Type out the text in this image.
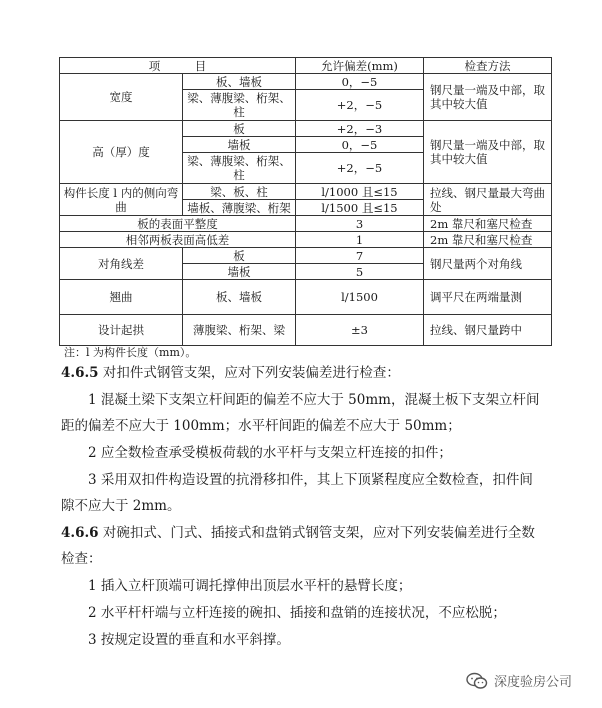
项　　　目		允许偏差(mm)	检查方法
宽度	板、墙板	0，−5	钢尺量一端及中部，取其中较大值
	梁、薄腹梁、桁架、柱	+2，−5	
高（厚）度	板	+2，−3	钢尺量一端及中部，取其中较大值
	墙板	0，−5	
	梁、薄腹梁、桁架、柱	+2，−5	
构件长度 l 内的侧向弯曲	梁、板、柱	l/1000 且≤15	拉线、钢尺量最大弯曲处
	墙板、薄腹梁、桁架	l/1500 且≤15	
板的表面平整度		3	2m 靠尺和塞尺检查
相邻两板表面高低差		1	2m 靠尺和塞尺检查
对角线差	板	7	钢尺量两个对角线
	墙板	5	
翘曲	板、墙板	l/1500	调平尺在两端量测
设计起拱	薄腹梁、桁架、梁	±3	拉线、钢尺量跨中
注：l 为构件长度（mm）。
4.6.5 对扣件式钢管支架，应对下列安装偏差进行检查：
1 混凝土梁下支架立杆间距的偏差不应大于 50mm，混凝土板下支架立杆间
距的偏差不应大于 100mm；水平杆间距的偏差不应大于 50mm；
2 应全数检查承受模板荷载的水平杆与支架立杆连接的扣件；
3 采用双扣件构造设置的抗滑移扣件，其上下顶紧程度应全数检查，扣件间
隙不应大于 2mm。
4.6.6 对碗扣式、门式、插接式和盘销式钢管支架，应对下列安装偏差进行全数
检查：
1 插入立杆顶端可调托撑伸出顶层水平杆的悬臂长度；
2 水平杆杆端与立杆连接的碗扣、插接和盘销的连接状况，不应松脱；
3 按规定设置的垂直和水平斜撑。
深度验房公司
